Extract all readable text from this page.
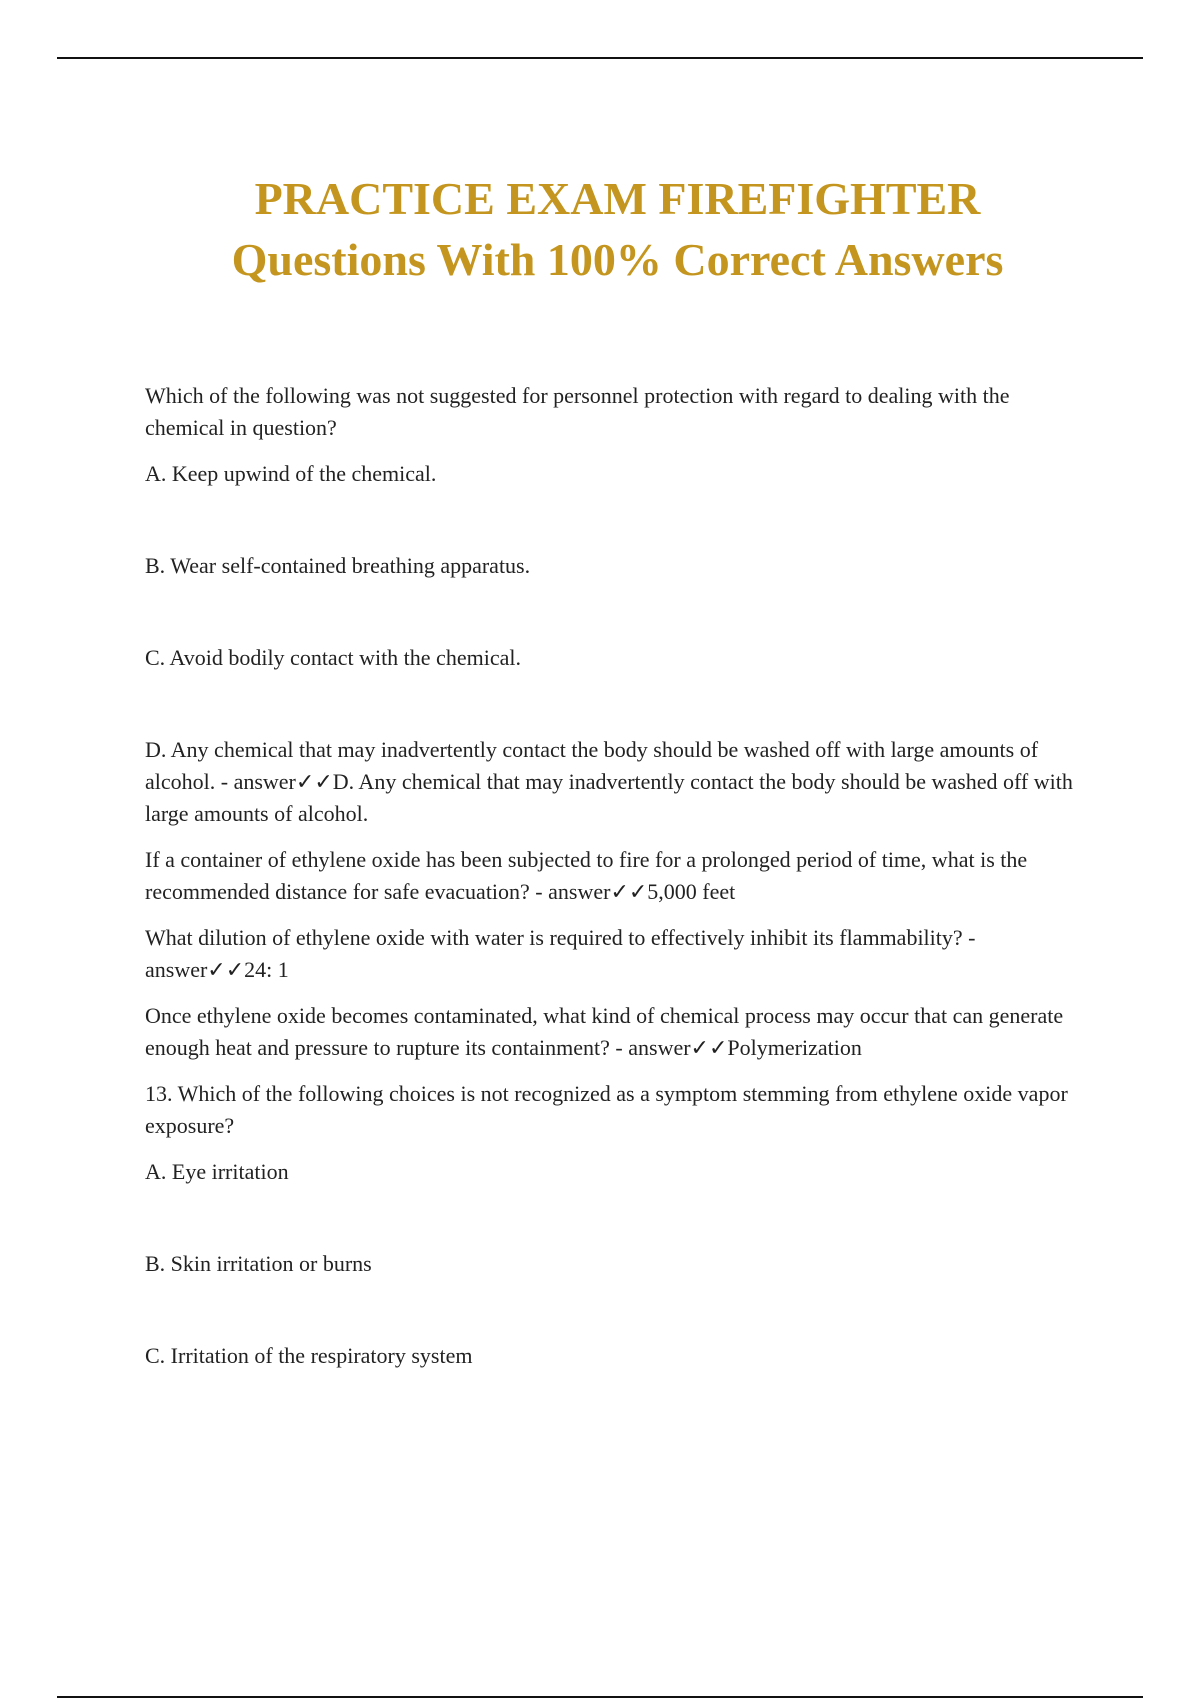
PRACTICE EXAM FIREFIGHTER
Questions With 100% Correct Answers

Which of the following was not suggested for personnel protection with regard to dealing with the chemical in question?

A. Keep upwind of the chemical.

B. Wear self-contained breathing apparatus.

C. Avoid bodily contact with the chemical.

D. Any chemical that may inadvertently contact the body should be washed off with large amounts of alcohol. - answer✓✓D. Any chemical that may inadvertently contact the body should be washed off with large amounts of alcohol.

If a container of ethylene oxide has been subjected to fire for a prolonged period of time, what is the recommended distance for safe evacuation? - answer✓✓5,000 feet

What dilution of ethylene oxide with water is required to effectively inhibit its flammability? - answer✓✓24: 1

Once ethylene oxide becomes contaminated, what kind of chemical process may occur that can generate enough heat and pressure to rupture its containment? - answer✓✓Polymerization

13. Which of the following choices is not recognized as a symptom stemming from ethylene oxide vapor exposure?

A. Eye irritation

B. Skin irritation or burns

C. Irritation of the respiratory system
